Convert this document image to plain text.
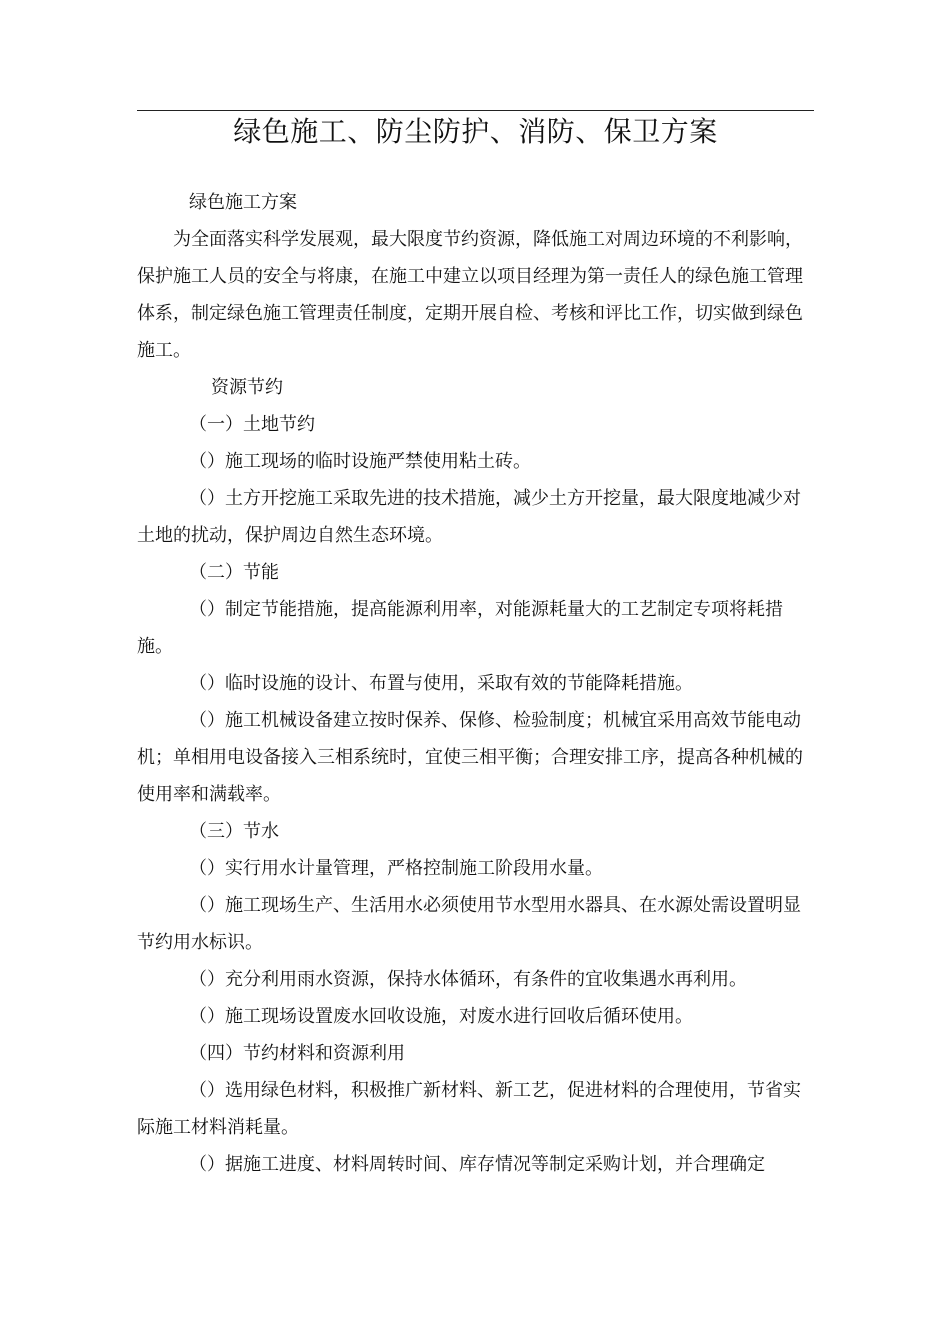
绿色施工、防尘防护、消防、保卫方案

绿色施工方案

为全面落实科学发展观，最大限度节约资源，降低施工对周边环境的不利影响，保护施工人员的安全与将康，在施工中建立以项目经理为第一责任人的绿色施工管理体系，制定绿色施工管理责任制度，定期开展自检、考核和评比工作，切实做到绿色施工。

资源节约

（一）土地节约

（）施工现场的临时设施严禁使用粘土砖。

（）土方开挖施工采取先进的技术措施，减少土方开挖量，最大限度地减少对土地的扰动，保护周边自然生态环境。

（二）节能

（）制定节能措施，提高能源利用率，对能源耗量大的工艺制定专项将耗措施。

（）临时设施的设计、布置与使用，采取有效的节能降耗措施。

（）施工机械设备建立按时保养、保修、检验制度；机械宜采用高效节能电动机；单相用电设备接入三相系统时，宜使三相平衡；合理安排工序，提高各种机械的使用率和满载率。

（三）节水

（）实行用水计量管理，严格控制施工阶段用水量。

（）施工现场生产、生活用水必须使用节水型用水器具、在水源处需设置明显节约用水标识。

（）充分利用雨水资源，保持水体循环，有条件的宜收集遇水再利用。

（）施工现场设置废水回收设施，对废水进行回收后循环使用。

（四）节约材料和资源利用

（）选用绿色材料，积极推广新材料、新工艺，促进材料的合理使用，节省实际施工材料消耗量。

（）据施工进度、材料周转时间、库存情况等制定采购计划，并合理确定
